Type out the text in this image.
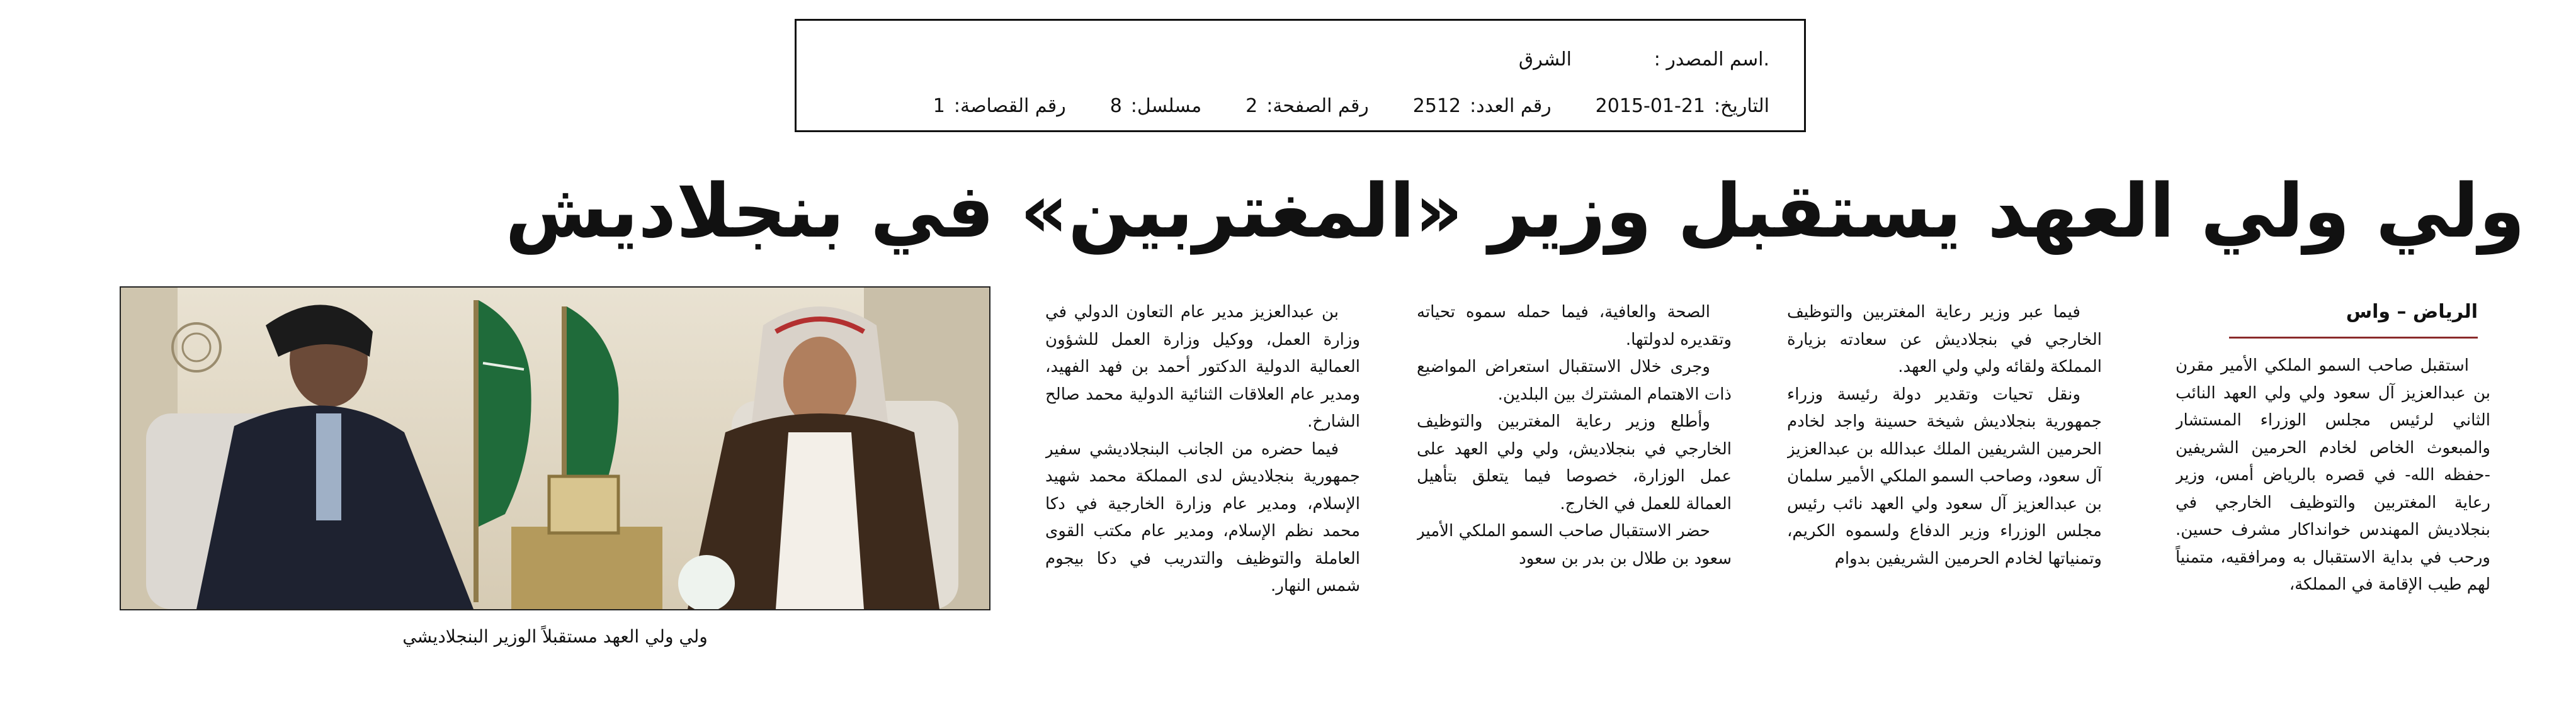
.اسم المصدر :
الشرق
التاريخ:
2015-01-21
رقم العدد:
2512
رقم الصفحة:
2
مسلسل:
8
رقم القصاصة:
1
ولي ولي العهد يستقبل وزير «المغتربين» في بنجلاديش
الرياض – واس

استقبل صاحب السمو الملكي الأمير مقرن بن عبدالعزيز آل سعود ولي ولي العهد النائب الثاني لرئيس مجلس الوزراء المستشار والمبعوث الخاص لخادم الحرمين الشريفين -حفظه الله- في قصره بالرياض أمس، وزير رعاية المغتربين والتوظيف الخارجي في بنجلاديش المهندس خوانداكار مشرف حسين. ورحب في بداية الاستقبال به ومرافقيه، متمنياً لهم طيب الإقامة في المملكة،

فيما عبر وزير رعاية المغتربين والتوظيف الخارجي في بنجلاديش عن سعادته بزيارة المملكة ولقائه ولي ولي العهد.

ونقل تحيات وتقدير دولة رئيسة وزراء جمهورية بنجلاديش شيخة حسينة واجد لخادم الحرمين الشريفين الملك عبدالله بن عبدالعزيز آل سعود، وصاحب السمو الملكي الأمير سلمان بن عبدالعزيز آل سعود ولي العهد نائب رئيس مجلس الوزراء وزير الدفاع ولسموه الكريم، وتمنياتها لخادم الحرمين الشريفين بدوام

الصحة والعافية، فيما حمله سموه تحياته وتقديره لدولتها.

وجرى خلال الاستقبال استعراض المواضيع ذات الاهتمام المشترك بين البلدين.

وأطلع وزير رعاية المغتربين والتوظيف الخارجي في بنجلاديش، ولي ولي العهد على عمل الوزارة، خصوصا فيما يتعلق بتأهيل العمالة للعمل في الخارج.

حضر الاستقبال صاحب السمو الملكي الأمير سعود بن طلال بن بدر بن سعود

بن عبدالعزيز مدير عام التعاون الدولي في وزارة العمل، ووكيل وزارة العمل للشؤون العمالية الدولية الدكتور أحمد بن فهد الفهيد، ومدير عام العلاقات الثنائية الدولية محمد صالح الشارخ.

فيما حضره من الجانب البنجلاديشي سفير جمهورية بنجلاديش لدى المملكة محمد شهيد الإسلام، ومدير عام وزارة الخارجية في دكا محمد نظم الإسلام، ومدير عام مكتب القوى العاملة والتوظيف والتدريب في دكا بيجوم شمس النهار.

ولي ولي العهد مستقبلاً الوزير البنجلاديشي
